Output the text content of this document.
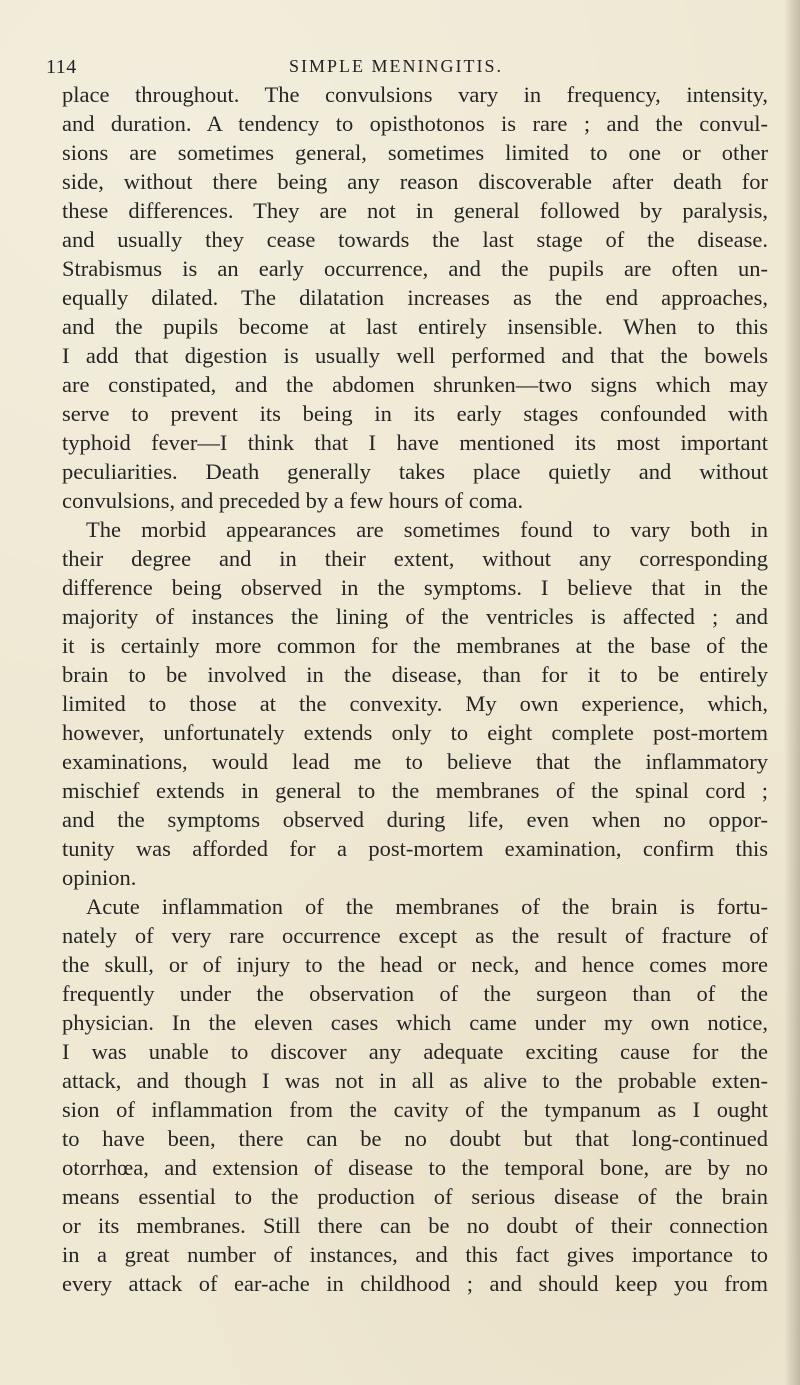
114	SIMPLE MENINGITIS.
place throughout. The convulsions vary in frequency, intensity,
and duration. A tendency to opisthotonos is rare ; and the convul-
sions are sometimes general, sometimes limited to one or other
side, without there being any reason discoverable after death for
these differences. They are not in general followed by paralysis,
and usually they cease towards the last stage of the disease.
Strabismus is an early occurrence, and the pupils are often un-
equally dilated. The dilatation increases as the end approaches,
and the pupils become at last entirely insensible. When to this
I add that digestion is usually well performed and that the bowels
are constipated, and the abdomen shrunken—two signs which may
serve to prevent its being in its early stages confounded with
typhoid fever—I think that I have mentioned its most important
peculiarities. Death generally takes place quietly and without
convulsions, and preceded by a few hours of coma.
The morbid appearances are sometimes found to vary both in
their degree and in their extent, without any corresponding
difference being observed in the symptoms. I believe that in the
majority of instances the lining of the ventricles is affected ; and
it is certainly more common for the membranes at the base of the
brain to be involved in the disease, than for it to be entirely
limited to those at the convexity. My own experience, which,
however, unfortunately extends only to eight complete post-mortem
examinations, would lead me to believe that the inflammatory
mischief extends in general to the membranes of the spinal cord ;
and the symptoms observed during life, even when no oppor-
tunity was afforded for a post-mortem examination, confirm this
opinion.
Acute inflammation of the membranes of the brain is fortu-
nately of very rare occurrence except as the result of fracture of
the skull, or of injury to the head or neck, and hence comes more
frequently under the observation of the surgeon than of the
physician. In the eleven cases which came under my own notice,
I was unable to discover any adequate exciting cause for the
attack, and though I was not in all as alive to the probable exten-
sion of inflammation from the cavity of the tympanum as I ought
to have been, there can be no doubt but that long-continued
otorrhœa, and extension of disease to the temporal bone, are by no
means essential to the production of serious disease of the brain
or its membranes. Still there can be no doubt of their connection
in a great number of instances, and this fact gives importance to
every attack of ear-ache in childhood ; and should keep you from
